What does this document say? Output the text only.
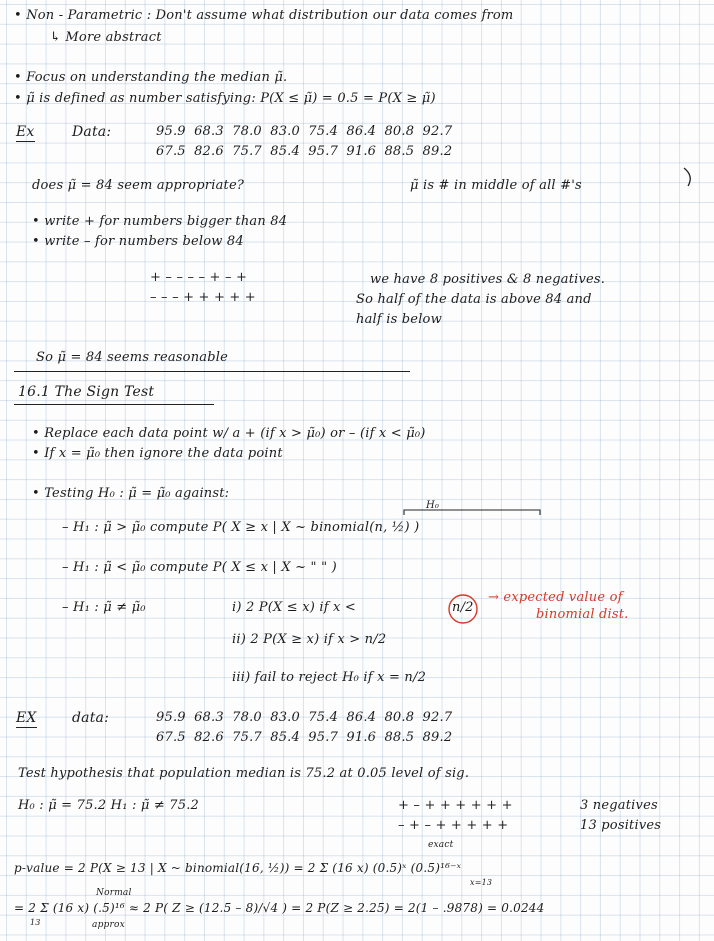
• Non - Parametric : Don't assume what distribution our data comes from
↳ More abstract
• Focus on understanding the median μ̃.
• μ̃ is defined as number satisfying: P(X ≤ μ̃) = 0.5 = P(X ≥ μ̃)
Ex	Data:	95.9 68.3 78.0 83.0 75.4 86.4 80.8 92.7
67.5 82.6 75.7 85.4 95.7 91.6 88.5 89.2
does μ̃ = 84 seem appropriate?	μ̃ is # in middle of all #'s
• write + for numbers bigger than 84
• write – for numbers below 84
+ – – – – + – +
– – – + + + + +
we have 8 positives & 8 negatives.
So half of the data is above 84 and
half is below
So μ̃ = 84 seems reasonable
16.1 The Sign Test
• Replace each data point w/ a + (if x > μ̃₀) or – (if x < μ̃₀)
• If x = μ̃₀ then ignore the data point
• Testing H₀ : μ̃ = μ̃₀ against:
H₀
– H₁ : μ̃ > μ̃₀ compute P( X ≥ x | X ~ binomial(n, ½) )
– H₁ : μ̃ < μ̃₀ compute P( X ≤ x | X ~ " " )
– H₁ : μ̃ ≠ μ̃₀	i) 2 P(X ≤ x) if x <	n/2
→ expected value of
binomial dist.
ii) 2 P(X ≥ x) if x > n/2
iii) fail to reject H₀ if x = n/2
EX	data:	95.9 68.3 78.0 83.0 75.4 86.4 80.8 92.7
67.5 82.6 75.7 85.4 95.7 91.6 88.5 89.2
Test hypothesis that population median is 75.2 at 0.05 level of sig.
H₀ : μ̃ = 75.2 H₁ : μ̃ ≠ 75.2	+ – + + + + + +
– + – + + + + +
3 negatives
13 positives
exact
p-value = 2 P(X ≥ 13 | X ~ binomial(16, ½)) = 2 Σ (16 x) (0.5)ˣ (0.5)¹⁶⁻ˣ
x=13
Normal
= 2 Σ (16 x) (.5)¹⁶ ≈ 2 P( Z ≥ (12.5 – 8)/√4 ) = 2 P(Z ≥ 2.25) = 2(1 – .9878) = 0.0244
13	approx
